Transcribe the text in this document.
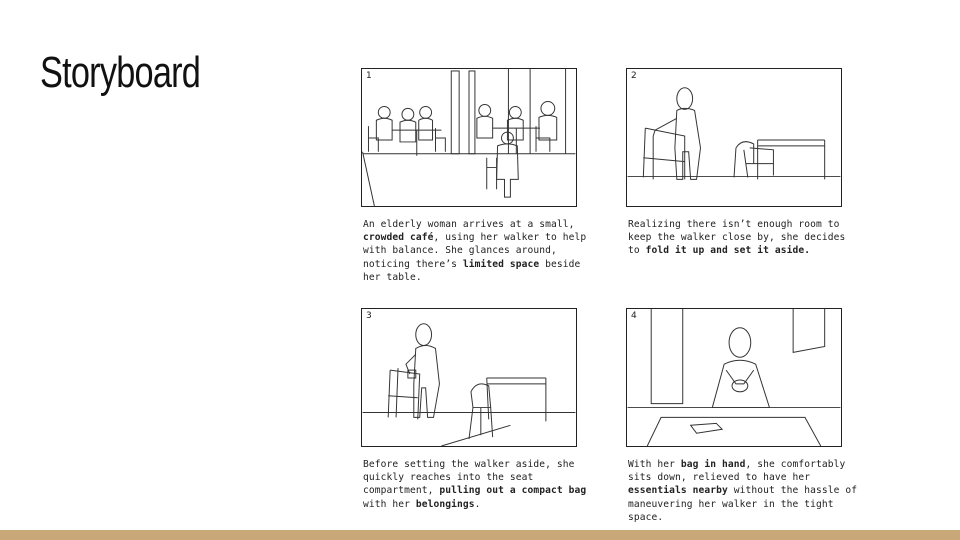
Storyboard	1
An elderly woman arrives at a small, crowded café, using her walker to help with balance. She glances around, noticing there’s limited space beside her table.
2
Realizing there isn’t enough room to keep the walker close by, she decides to fold it up and set it aside.
3
Before setting the walker aside, she quickly reaches into the seat compartment, pulling out a compact bag with her belongings.
4
With her bag in hand, she comfortably sits down, relieved to have her essentials nearby without the hassle of maneuvering her walker in the tight space.
